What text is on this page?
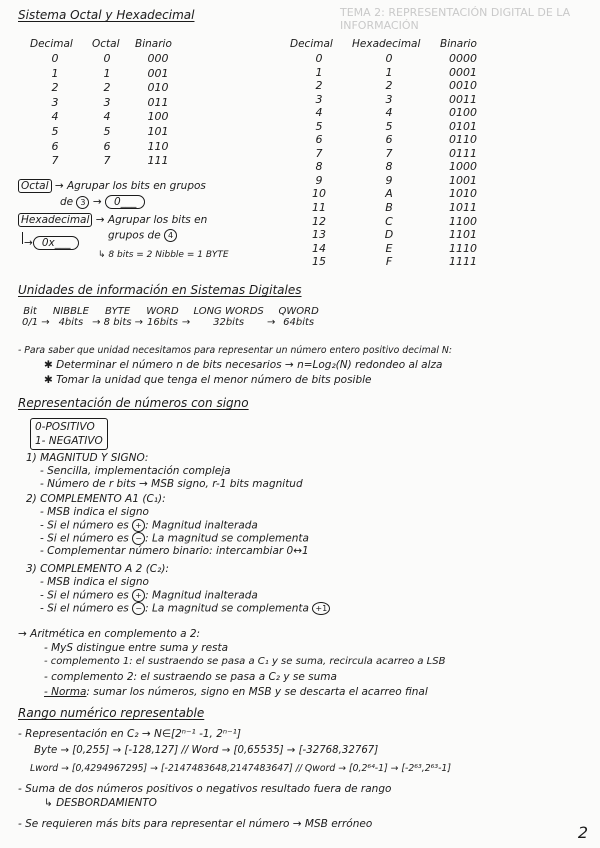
TEMA 2: REPRESENTACIÓN DIGITAL DE LA INFORMACIÓN
Sistema Octal y Hexadecimal
Decimal Octal Binario
0
1
2
3
4
5
6
7
0
1
2
3
4
5
6
7
000
001
010
011
100
101
110
111
Decimal Hexadecimal Binario
0
1
2
3
4
5
6
7
8
9
10
11
12
13
14
15
0
1
2
3
4
5
6
7
8
9
A
B
C
D
E
F
0000
0001
0010
0011
0100
0101
0110
0111
1000
1001
1010
1011
1100
1101
1110
1111
Octal → Agrupar los bits en grupos
de 3 → 0___
Hexadecimal → Agrupar los bits en
grupos de 4
→ 0x___
↳ 8 bits = 2 Nibble = 1 BYTE
Unidades de información en Sistemas Digitales
Bit
0/1 → NIBBLE
4bits → BYTE
8 bits → WORD
16bits → LONG WORDS
32bits → QWORD
64bits
- Para saber que unidad necesitamos para representar un número entero positivo decimal N:
✱ Determinar el número n de bits necesarios → n=Log₂(N) redondeo al alza
✱ Tomar la unidad que tenga el menor número de bits posible
Representación de números con signo
0-POSITIVO
1- NEGATIVO
1) MAGNITUD Y SIGNO:
- Sencilla, implementación compleja
- Número de r bits → MSB signo, r-1 bits magnitud
2) COMPLEMENTO A1 (C₁):
- MSB indica el signo
- Si el número es + : Magnitud inalterada
- Si el número es − : La magnitud se complementa
- Complementar número binario: intercambiar 0↔1
3) COMPLEMENTO A 2 (C₂):
- MSB indica el signo
- Si el número es + : Magnitud inalterada
- Si el número es − : La magnitud se complementa +1
→ Aritmética en complemento a 2:
- MyS distingue entre suma y resta
- complemento 1: el sustraendo se pasa a C₁ y se suma, recircula acarreo a LSB
- complemento 2: el sustraendo se pasa a C₂ y se suma
- Norma: sumar los números, signo en MSB y se descarta el acarreo final
Rango numérico representable
- Representación en C₂ → N∈[2ⁿ⁻¹ -1, 2ⁿ⁻¹]
Byte → [0,255] → [-128,127] // Word → [0,65535] → [-32768,32767]
Lword → [0,4294967295] → [-2147483648,2147483647] // Qword → [0,2⁶⁴-1] → [-2⁶³,2⁶³-1]
- Suma de dos números positivos o negativos resultado fuera de rango
↳ DESBORDAMIENTO
- Se requieren más bits para representar el número → MSB erróneo	2
